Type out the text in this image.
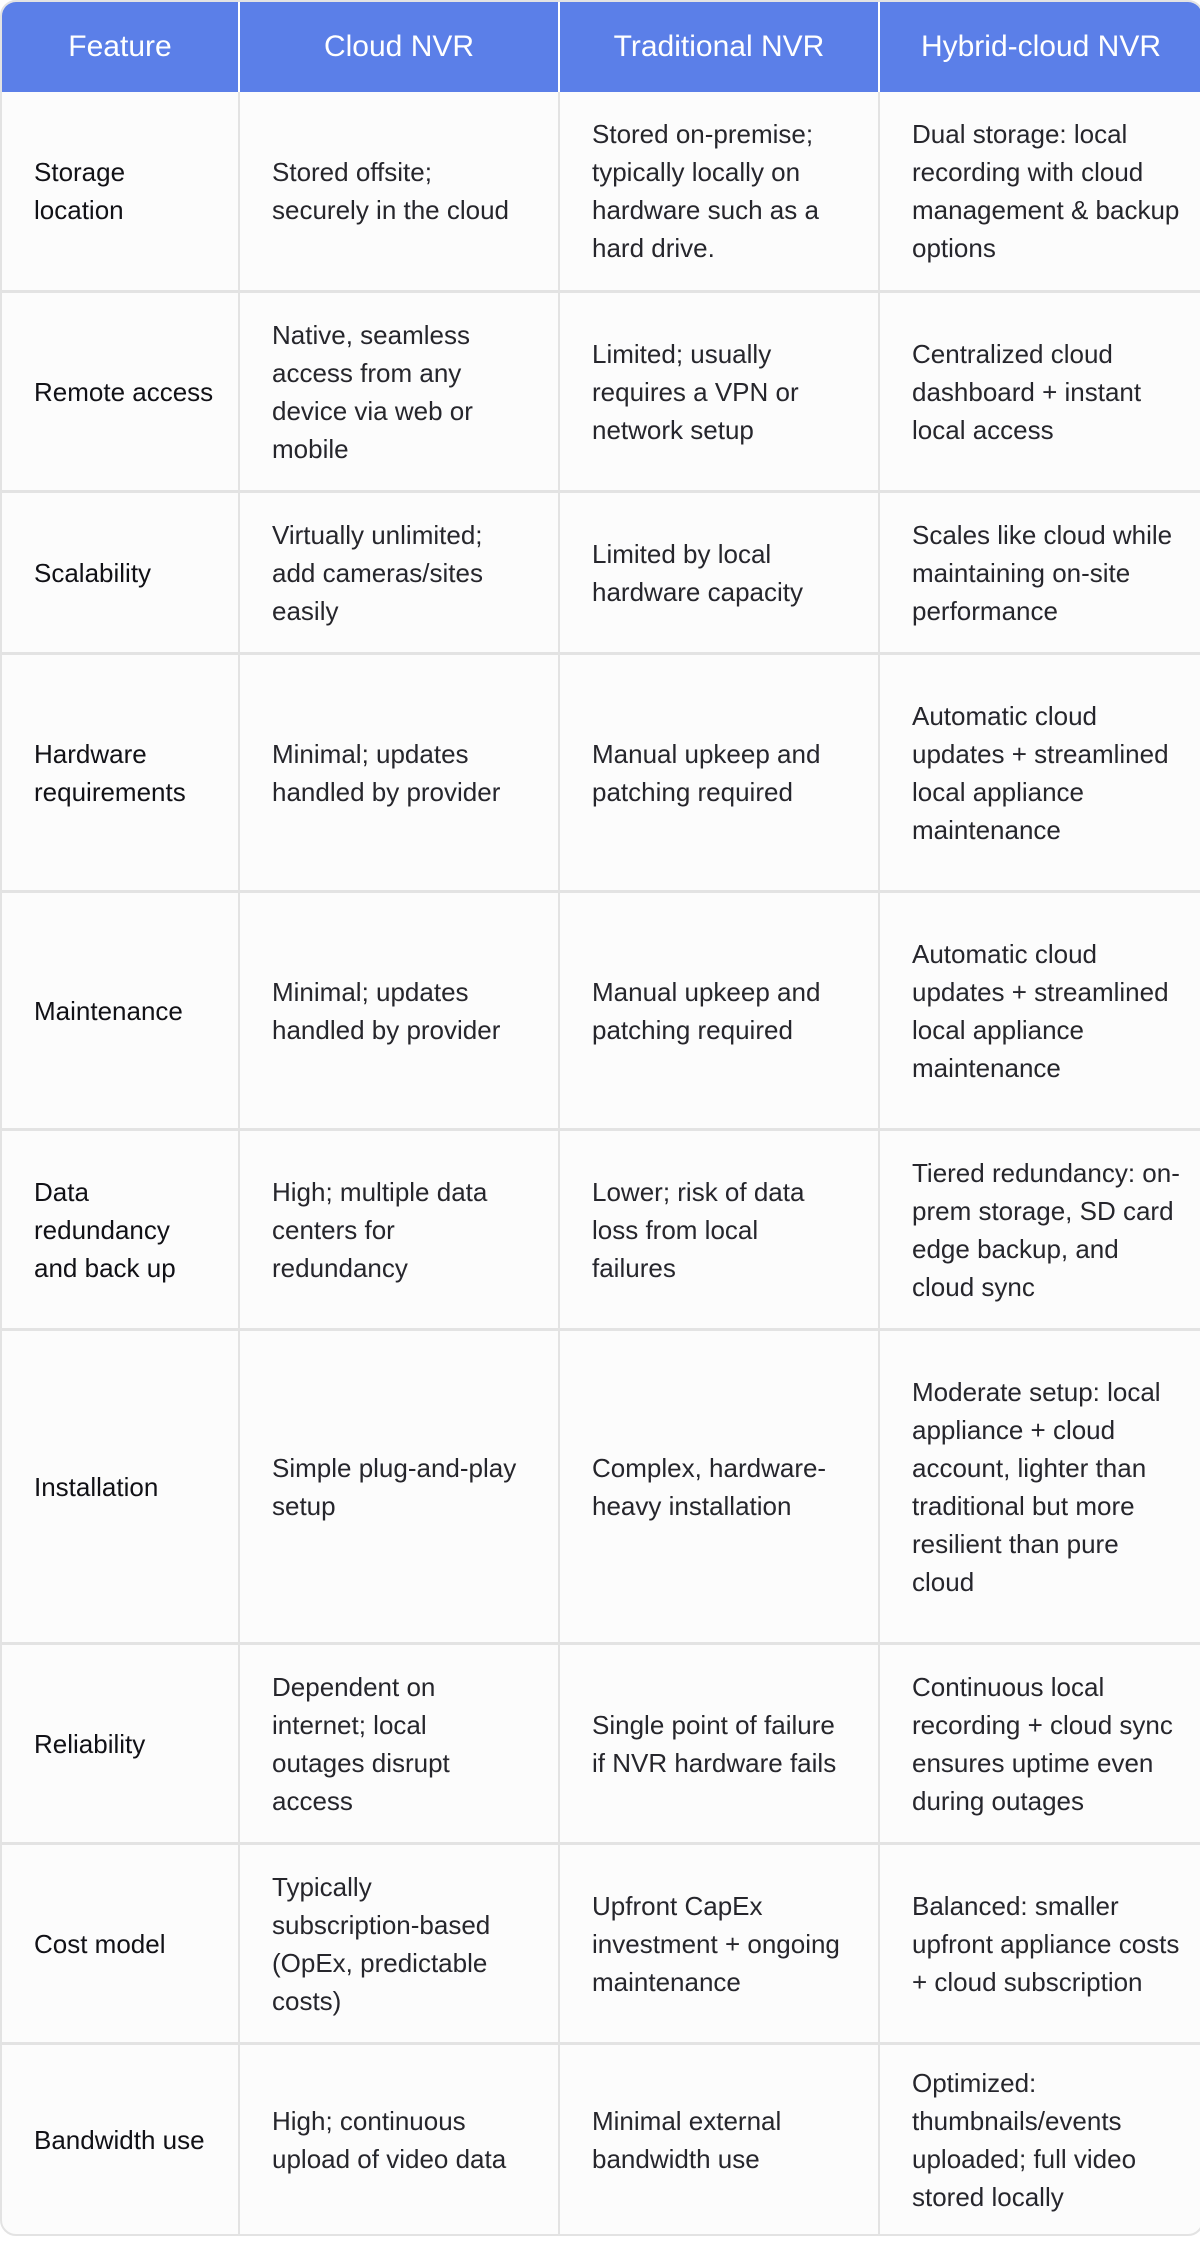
Feature	Cloud NVR	Traditional NVR	Hybrid-cloud NVR
Storage location	Stored offsite; securely in the cloud	Stored on-premise; typically locally on hardware such as a hard drive.	Dual storage: local recording with cloud management & backup options
Remote access	Native, seamless access from any device via web or mobile	Limited; usually requires a VPN or network setup	Centralized cloud dashboard + instant local access
Scalability	Virtually unlimited; add cameras/sites easily	Limited by local hardware capacity	Scales like cloud while maintaining on-site performance
Hardware requirements	Minimal; updates handled by provider	Manual upkeep and patching required	Automatic cloud updates + streamlined local appliance maintenance
Maintenance	Minimal; updates handled by provider	Manual upkeep and patching required	Automatic cloud updates + streamlined local appliance maintenance
Data redundancy and back up	High; multiple data centers for redundancy	Lower; risk of data loss from local failures	Tiered redundancy: on-prem storage, SD card edge backup, and cloud sync
Installation	Simple plug-and-play setup	Complex, hardware-heavy installation	Moderate setup: local appliance + cloud account, lighter than traditional but more resilient than pure cloud
Reliability	Dependent on internet; local outages disrupt access	Single point of failure if NVR hardware fails	Continuous local recording + cloud sync ensures uptime even during outages
Cost model	Typically subscription-based (OpEx, predictable costs)	Upfront CapEx investment + ongoing maintenance	Balanced: smaller upfront appliance costs + cloud subscription
Bandwidth use	High; continuous upload of video data	Minimal external bandwidth use	Optimized: thumbnails/events uploaded; full video stored locally
